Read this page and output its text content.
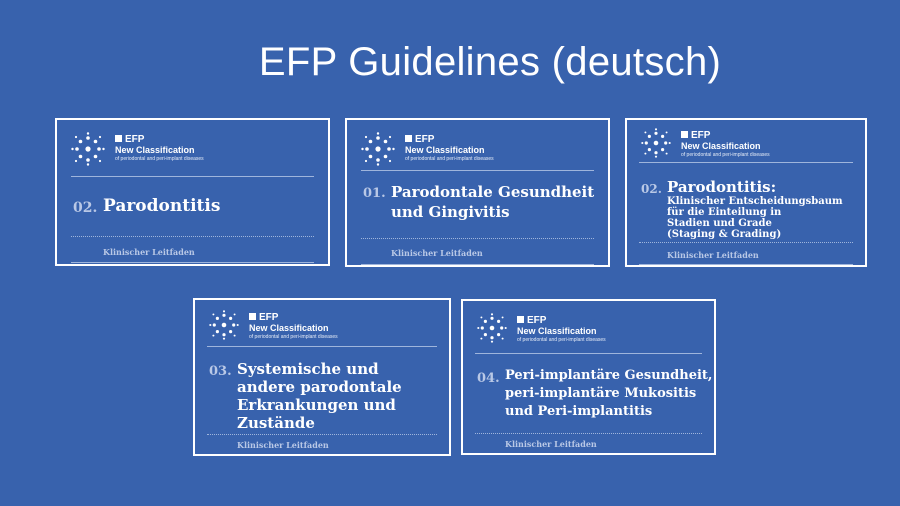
EFP Guidelines (deutsch)
EFP
New Classification
of periodontal and peri-implant diseases
02. Parodontitis
Klinischer Leitfaden
EFP
New Classification
of periodontal and peri-implant diseases
01. Parodontale Gesundheit
und Gingivitis
Klinischer Leitfaden
EFP
New Classification
of periodontal and peri-implant diseases
02. Parodontitis:
Klinischer Entscheidungsbaum
für die Einteilung in
Stadien und Grade
(Staging & Grading)
Klinischer Leitfaden
EFP
New Classification
of periodontal and peri-implant diseases
03. Systemische und
andere parodontale
Erkrankungen und
Zustände
Klinischer Leitfaden
EFP
New Classification
of periodontal and peri-implant diseases
04. Peri-implantäre Gesundheit,
peri-implantäre Mukositis
und Peri-implantitis
Klinischer Leitfaden
